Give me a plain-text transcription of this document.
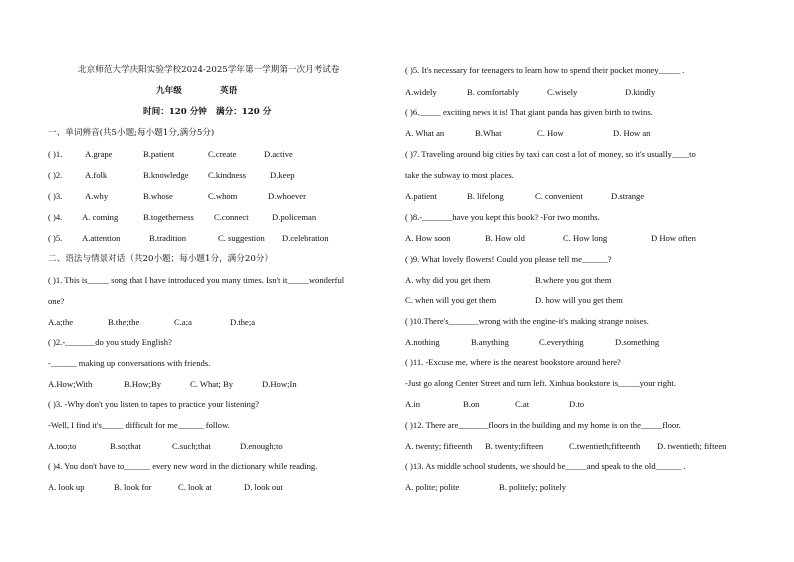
北京师范大学庆阳实验学校2024-2025学年第一学期第一次月考试卷
九年级	英语
时间：120 分钟 满分：120 分
一、单词辨音(共5小题;每小题1分,满分5分)
( )1.	A.grape	B.patient	C.create	D.active
( )2.	A.folk	B.knowledge C.kindness	D.keep
( )3.	A.why	B.whose	C.whom	D.whoever
( )4. A. coming	B.togetherness C.connect	D.policeman
( )5. A.attention	B.tradition	C. suggestion D.celebration
二、语法与情景对话（共20小题；每小题1分，满分20分）
( )1. This is_____ song that I have introduced you many times. Isn't it_____wonderful
one?
A.a;the	B.the;the	C.a;a	D.the;a
( )2.-_______do you study English?
-______ making up conversations with friends.
A.How;With	B.How;By	C. What; By	D.How;In
( )3. -Why don't you listen to tapes to practice your listening?
-Well, I find it's_____ difficult for me______ follow.
A.too;to	B.so;that	C.such;that	D.enough;to
( )4. You don't have to______ every new word in the dictionary while reading.
A. look up	B. look for	C. look at	D. look out
( )5. It's necessary for teenagers to learn how to spend their pocket money_____ .
A.widely	B. comfortably	C.wisely	D.kindly
( )6._____ exciting news it is! That giant panda has given birth to twins.
A. What an	B.What	C. How	D. How an
( )7. Traveling around big cities by taxi can cost a lot of money, so it's usually____to
take the subway to most places.
A.patient	B. lifelong	C. convenient	D.strange
( )8.-_______have you kept this book? -For two months.
A. How soon	B. How old	C. How long	D How often
( )9. What lovely flowers! Could you please tell me______?
A. why did you get them	B.where you got them
C. when will you get them	D. how will you get them
( )10.There's_______wrong with the engine-it's making strange noises.
A.nothing	B.anything	C.everything	D.something
( )11. -Excuse me, where is the nearest bookstore around here?
-Just go along Center Street and turn left. Xinhua bookstore is_____your right.
A.in	B.on	C.at	D.to
( )12. There are_______floors in the building and my home is on the_____floor.
A. twenty; fifteenth B. twenty;fifteen	C.twentieth;fifteenth D. twentieth; fifteen
( )13. As middle school students, we should be_____and speak to the old______ .
A. polite; polite	B. politely; politely
